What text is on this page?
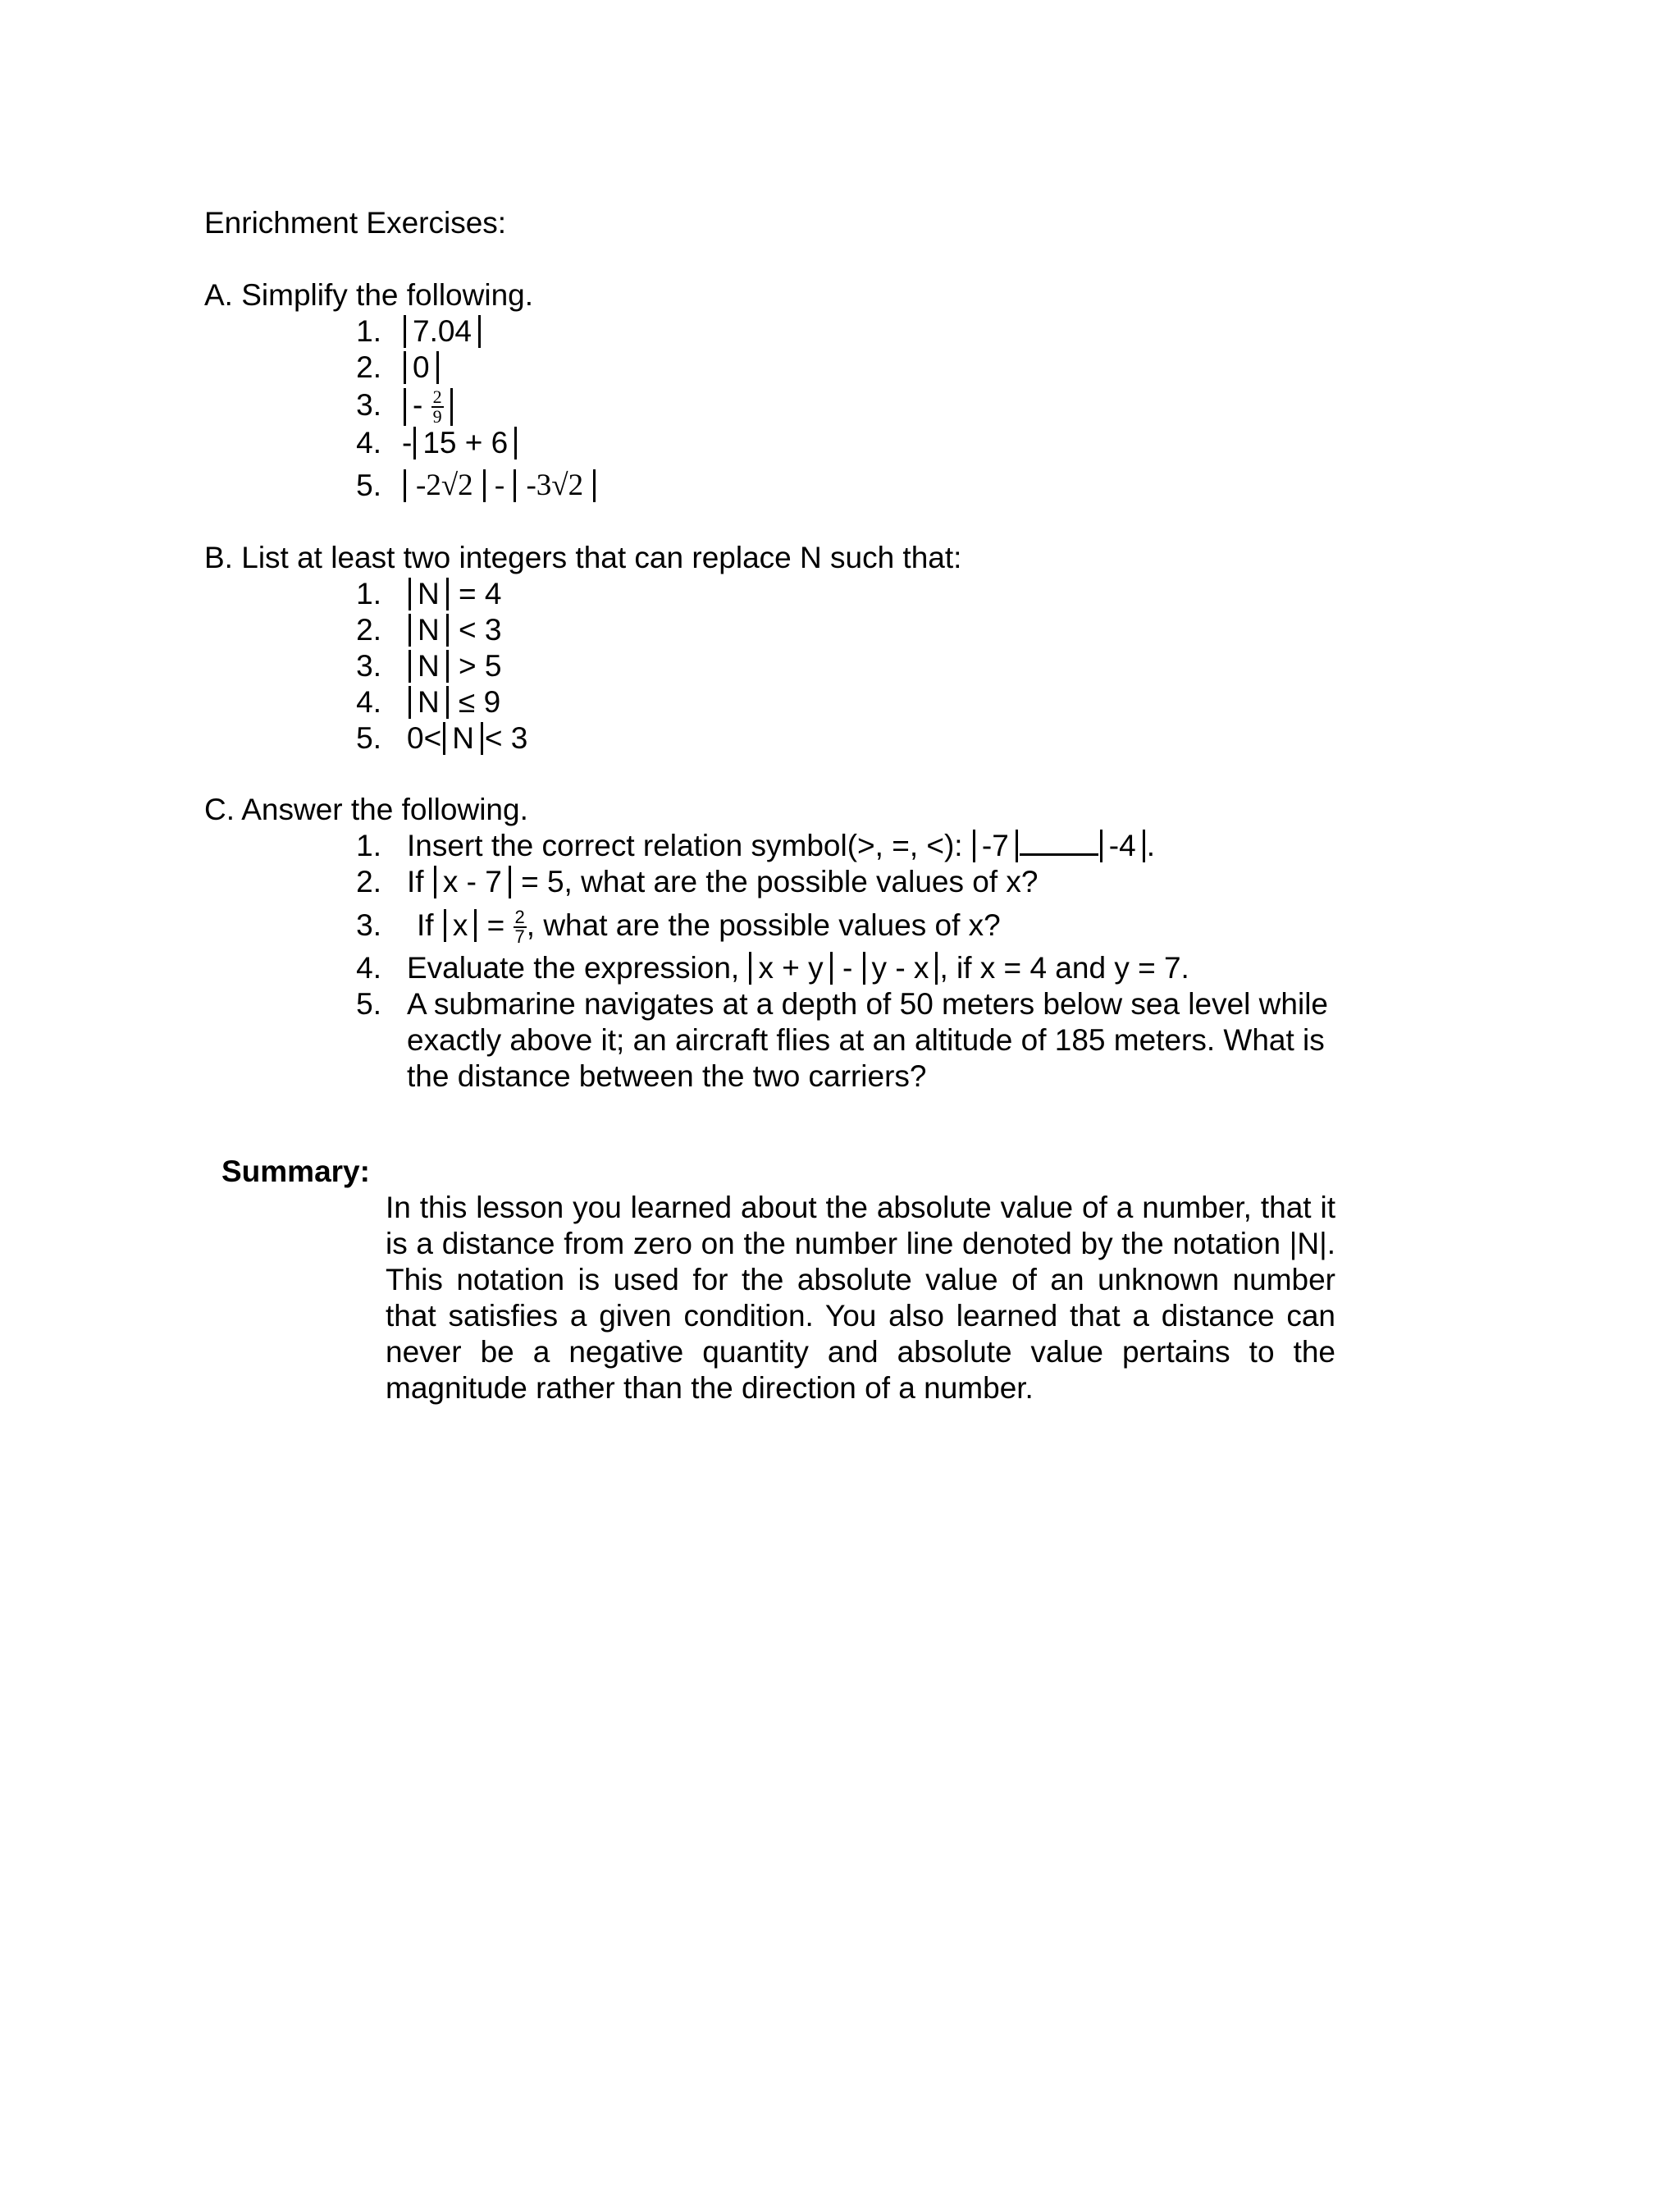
Enrichment Exercises:
A. Simplify the following.
1.	7.04
2.	0
3.	- $\frac{2}{9}$
4. - 15 + 6
5.	-2√2 - -3√2
B. List at least two integers that can replace N such that:
1.	N = 4
2.	N < 3
3.	N > 5
4.	N ≤ 9
5. 0< N < 3
C. Answer the following.
1. Insert the correct relation symbol(>, =, <): -7	-4 .
2. If x - 7 = 5, what are the possible values of x?
3. If $x = \frac{2}{7}$ , what are the possible values of x?
4. Evaluate the expression, x + y - y - x , if x = 4 and y = 7.
5. A submarine navigates at a depth of 50 meters below sea level while exactly above it; an aircraft flies at an altitude of 185 meters. What is the distance between the two carriers?
Summary:
In this lesson you learned about the absolute value of a number, that it is a distance from zero on the number line denoted by the notation |N|. This notation is used for the absolute value of an unknown number that satisfies a given condition. You also learned that a distance can never be a negative quantity and absolute value pertains to the magnitude rather than the direction of a number.
